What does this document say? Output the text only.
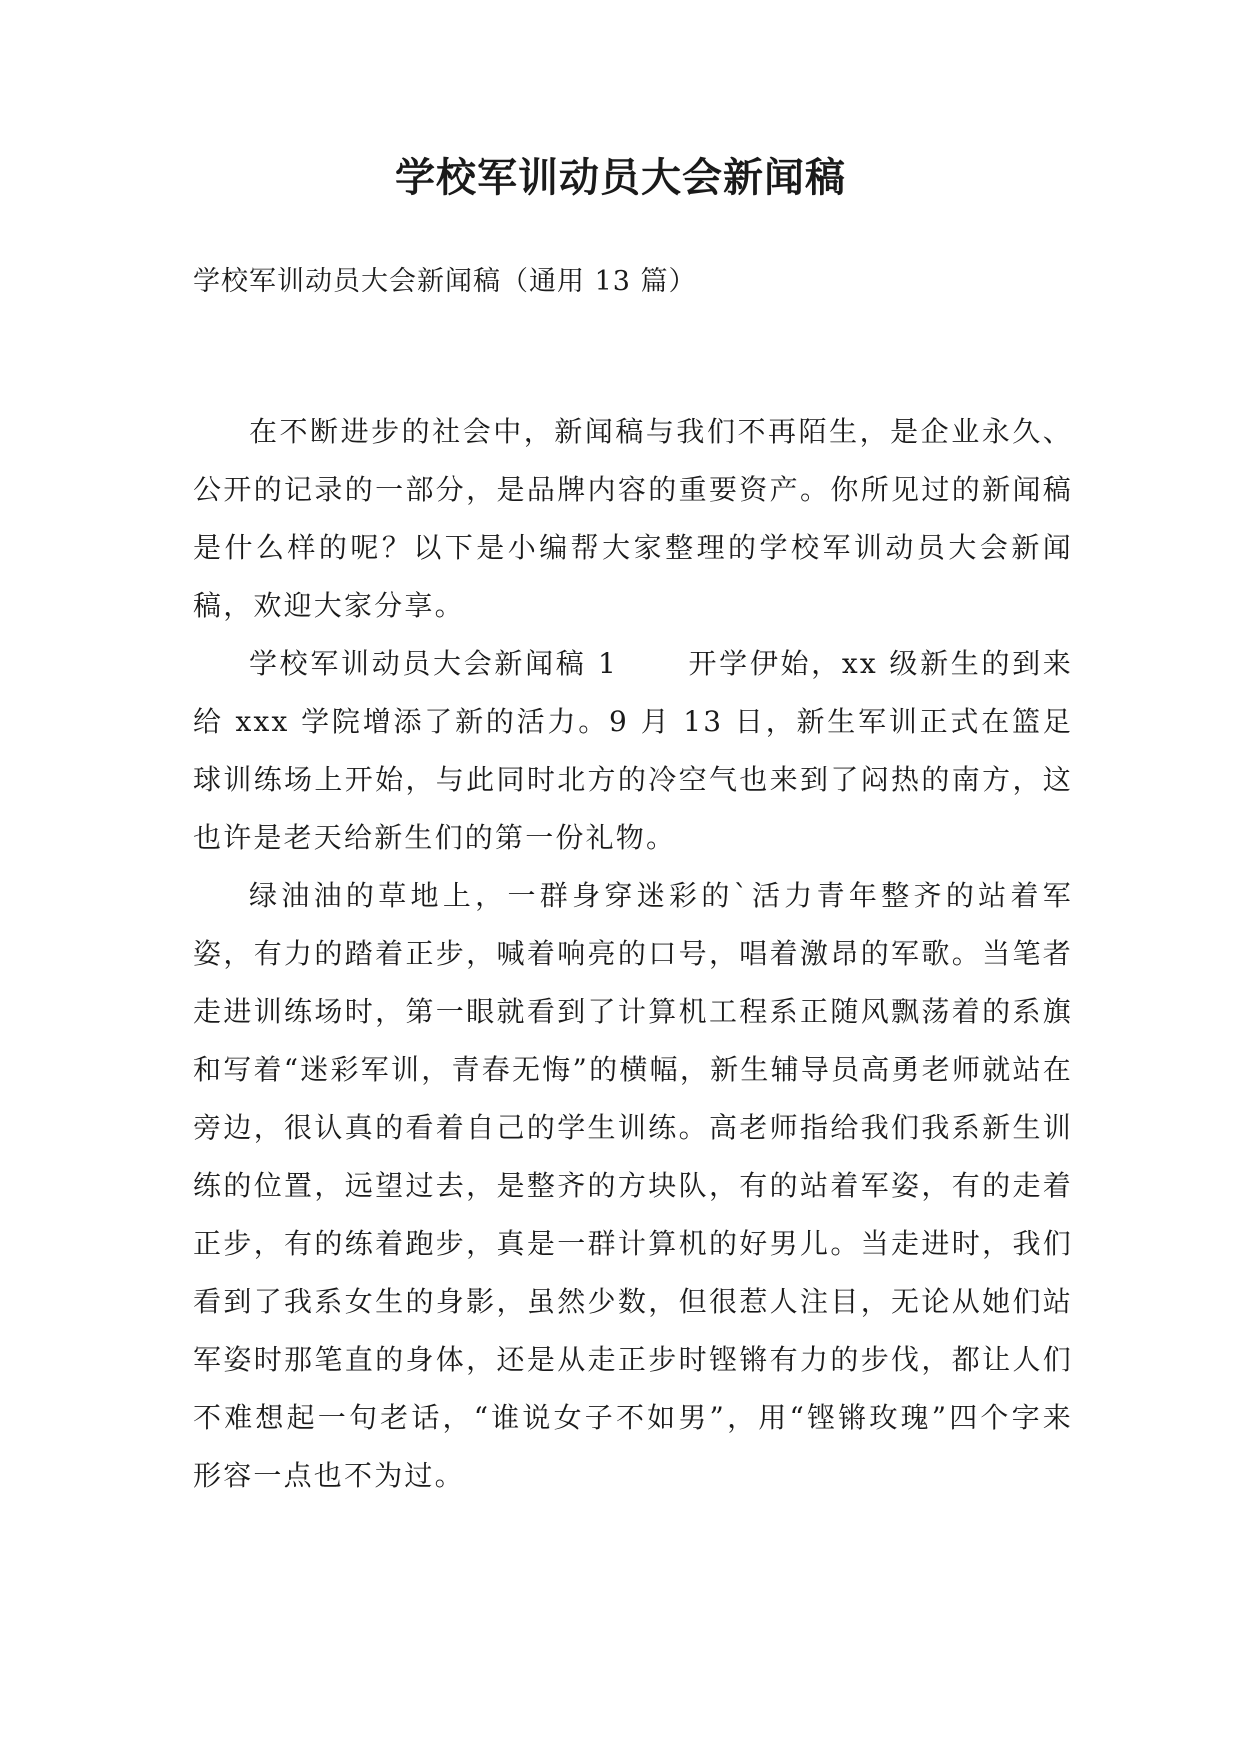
学校军训动员大会新闻稿

学校军训动员大会新闻稿（通用 13 篇）

在不断进步的社会中，新闻稿与我们不再陌生，是企业永久、公开的记录的一部分，是品牌内容的重要资产。你所见过的新闻稿是什么样的呢？以下是小编帮大家整理的学校军训动员大会新闻稿，欢迎大家分享。

学校军训动员大会新闻稿 1	开学伊始，xx 级新生的到来给 xxx 学院增添了新的活力。9 月 13 日，新生军训正式在篮足球训练场上开始，与此同时北方的冷空气也来到了闷热的南方，这也许是老天给新生们的第一份礼物。

绿油油的草地上，一群身穿迷彩的`活力青年整齐的站着军姿，有力的踏着正步，喊着响亮的口号，唱着激昂的军歌。当笔者走进训练场时，第一眼就看到了计算机工程系正随风飘荡着的系旗和写着“迷彩军训，青春无悔”的横幅，新生辅导员高勇老师就站在旁边，很认真的看着自己的学生训练。高老师指给我们我系新生训练的位置，远望过去，是整齐的方块队，有的站着军姿，有的走着正步，有的练着跑步，真是一群计算机的好男儿。当走进时，我们看到了我系女生的身影，虽然少数，但很惹人注目，无论从她们站军姿时那笔直的身体，还是从走正步时铿锵有力的步伐，都让人们不难想起一句老话，“谁说女子不如男”，用“铿锵玫瑰”四个字来形容一点也不为过。
